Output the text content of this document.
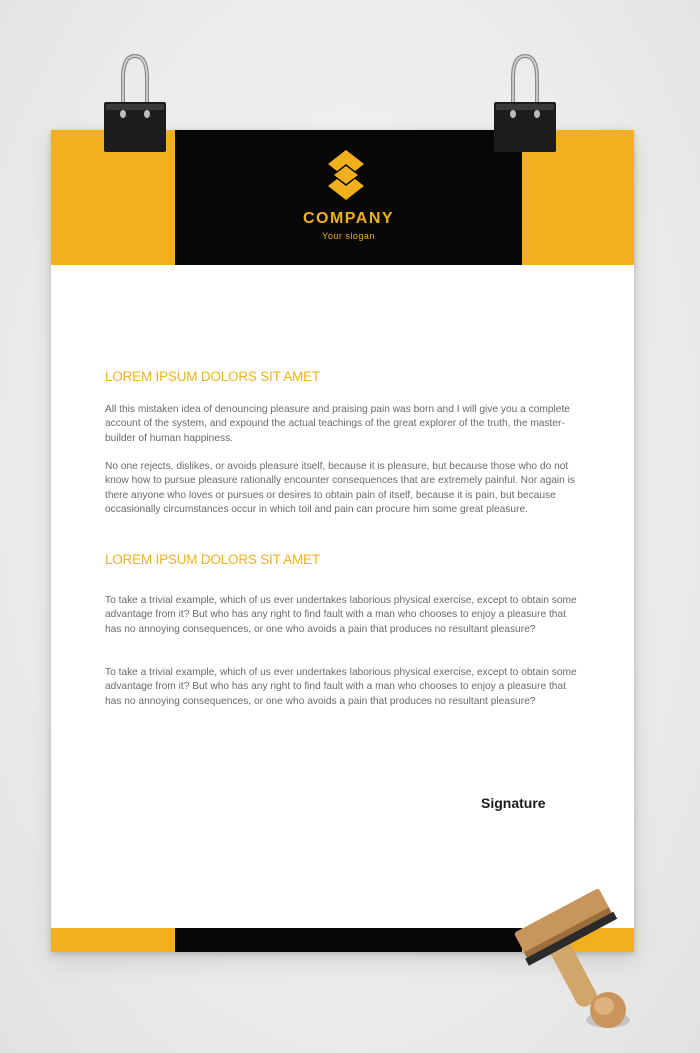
COMPANY
Your slogan
LOREM IPSUM DOLORS SIT AMET
All this mistaken idea of denouncing pleasure and praising pain was born and I will give you a complete account of the system, and expound the actual teachings of the great explorer of the truth, the master-builder of human happiness.
No one rejects, dislikes, or avoids pleasure itself, because it is pleasure, but because those who do not know how to pursue pleasure rationally encounter consequences that are extremely painful. Nor again is there anyone who loves or pursues or desires to obtain pain of itself, because it is pain, but because occasionally circumstances occur in which toil and pain can procure him some great pleasure.
LOREM IPSUM DOLORS SIT AMET
To take a trivial example, which of us ever undertakes laborious physical exercise, except to obtain some advantage from it? But who has any right to find fault with a man who chooses to enjoy a pleasure that has no annoying consequences, or one who avoids a pain that produces no resultant pleasure?
To take a trivial example, which of us ever undertakes laborious physical exercise, except to obtain some advantage from it? But who has any right to find fault with a man who chooses to enjoy a pleasure that has no annoying consequences, or one who avoids a pain that produces no resultant pleasure?
Signature
